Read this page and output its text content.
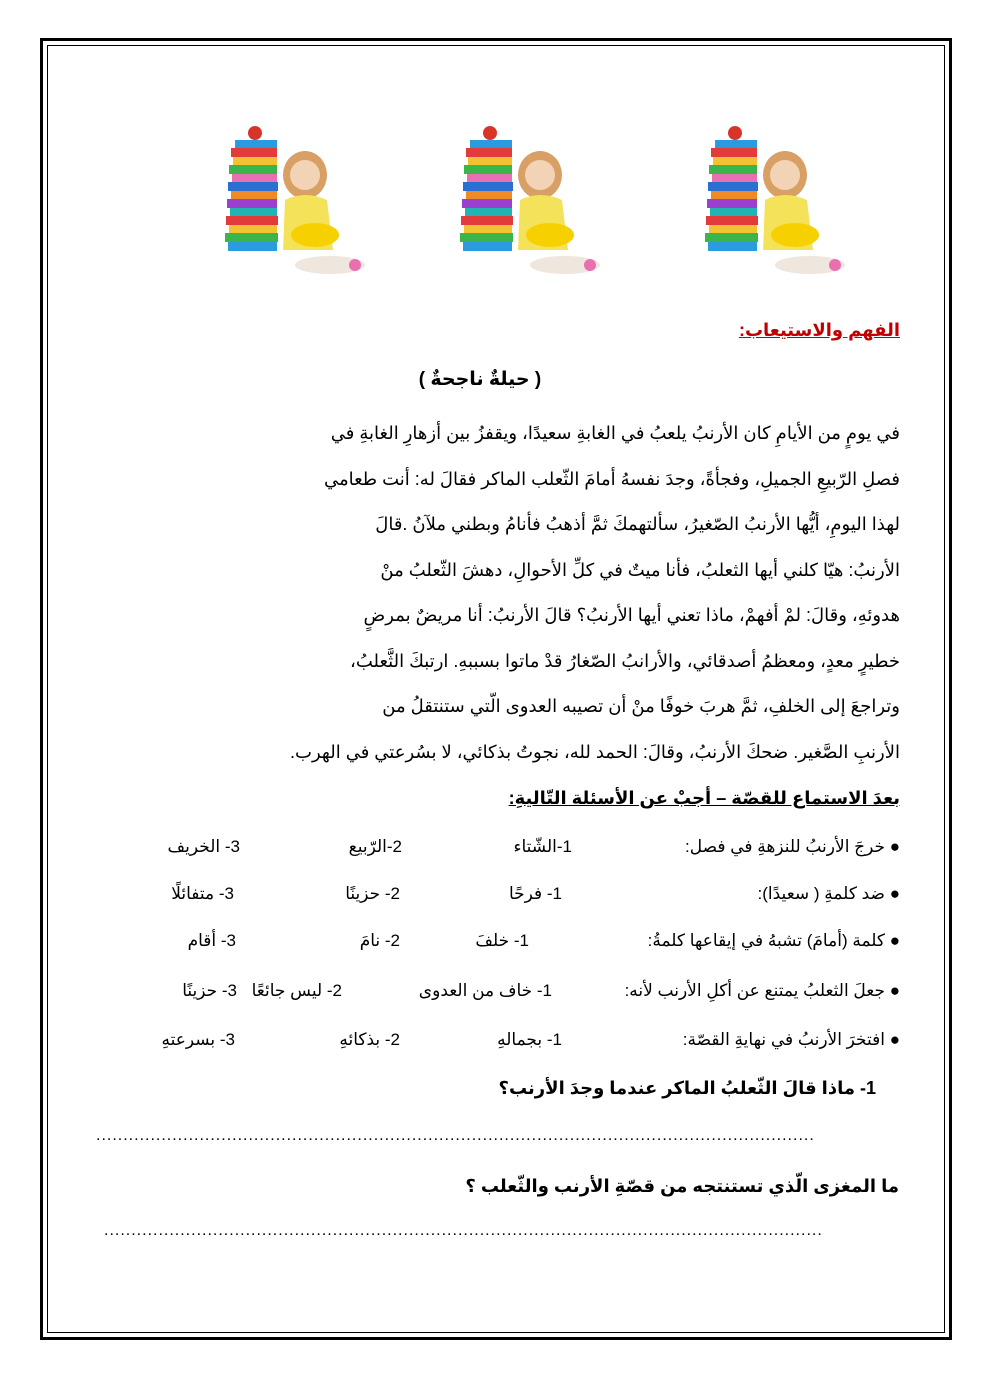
الفهم والاستيعاب:
( حيلةٌ ناجحةٌ )

في يومٍ من الأيامِ كان الأرنبُ يلعبُ في الغابةِ سعيدًا، ويقفزُ بين أزهارِ الغابةِ في

فصلِ الرّبيعِ الجميلِ، وفجأةً، وجدَ نفسهُ أمامَ الثّعلب الماكر فقالَ له: أنت طعامي

لهذا اليومِ، أيُّها الأرنبُ الصّغيرُ، سألتهمكَ ثمَّ أذهبُ فأنامُ وبطني ملآنُ .قالَ

الأرنبُ: هيّا كلني أيها الثعلبُ، فأنا ميتٌ في كلِّ الأحوالِ، دهشَ الثّعلبُ منْ

هدوئهِ، وقالَ: لمْ أفهمْ، ماذا تعني أيها الأرنبُ؟ قالَ الأرنبُ: أنا مريضٌ بمرضٍ

خطيرٍ معدٍ، ومعظمُ أصدقائي، والأرانبُ الصّغارُ قدْ ماتوا بسببهِ. ارتبكَ الثَّعلبُ،

وتراجعَ إلى الخلفِ، ثمَّ هربَ خوفًا منْ أن تصيبه العدوى الّتي ستنتقلُ من

الأرنبِ الصَّغير. ضحكَ الأرنبُ، وقالَ: الحمد لله، نجوتُ بذكائي، لا بسُرعتي في الهرب.

بعدَ الاستماع للقصّة – أجبْ عن الأسئلة التّاليةِ:
● خرجَ الأرنبُ للنزهةِ في فصل:
1-الشّتاء
2-الرّبيع
3- الخريف
● ضد كلمةِ ( سعيدًا):
1- فرحًا
2- حزينًا
3- متفائلًا
● كلمة (أمامَ) تشبهُ في إيقاعها كلمةُ:
1- خلفَ
2- نامَ
3- أقام
● جعلَ الثعلبُ يمتنع عن أكلِ الأرنب لأنه:
1- خاف من العدوى
2- ليس جائعًا
3- حزينًا
● افتخرَ الأرنبُ في نهايةِ القصّة:
1- بجمالهِ
2- بذكائهِ
3- بسرعتهِ
1- ماذا قالَ الثّعلبُ الماكر عندما وجدَ الأرنب؟
....................................................................................................................................
ما المغزى الّذي تستنتجه من قصّةِ الأرنب والثّعلب ؟
....................................................................................................................................
